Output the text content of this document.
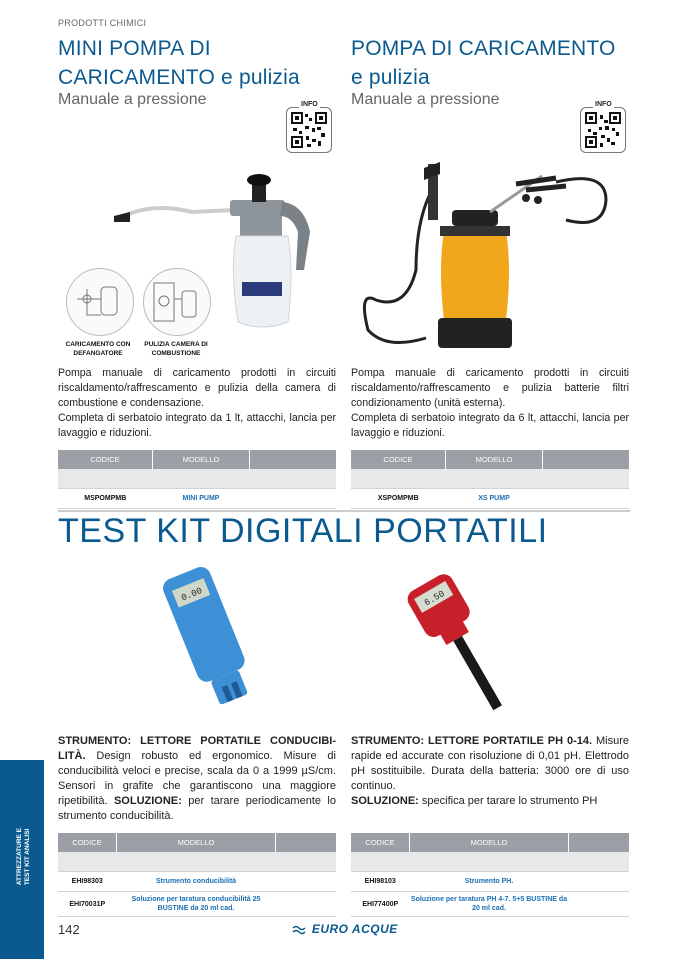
PRODOTTI CHIMICI
MINI POMPA DI
CARICAMENTO e pulizia
Manuale a pressione	INFO
CARICAMENTO CON DEFANGATORE
PULIZIA CAMERA DI COMBUSTIONE
Pompa manuale di caricamento prodotti in circuiti riscaldamento/raffrescamento e pulizia della camera di combustione e condensazione.
Completa di serbatoio integrato da 1 lt, attacchi, lancia per lavaggio e riduzioni.
CODICE	MODELLO	

MSPOMPMB	MINI PUMP	
POMPA DI CARICAMENTO
e pulizia
Manuale a pressione	INFO
Pompa manuale di caricamento prodotti in circuiti riscaldamento/raffrescamento e pulizia batterie filtri condizionamento (unità esterna).
Completa di serbatoio integrato da 6 lt, attacchi, lancia per lavaggio e riduzioni.
CODICE	MODELLO	

XSPOMPMB	XS PUMP	
TEST KIT DIGITALI PORTATILI
0.00	6.50
STRUMENTO: LETTORE PORTATILE CONDUCIBI-LITÀ. Design robusto ed ergonomico. Misure di conducibilità veloci e precise, scala da 0 a 1999 µS/cm. Sensori in grafite che garantiscono una maggiore ripetibilità. SOLUZIONE: per tarare periodicamente lo strumento conducibilità.
STRUMENTO: LETTORE PORTATILE PH 0-14. Misure rapide ed accurate con risoluzione di 0,01 pH. Elettrodo pH sostituibile. Durata della batteria: 3000 ore di uso continuo.
SOLUZIONE: specifica per tarare lo strumento PH
CODICE	MODELLO	

EHI98303	Strumento conducibilità	
EHI70031P	Soluzione per taratura conducibilità 25 BUSTINE da 20 ml cad.	
CODICE	MODELLO	

EHI98103	Strumento PH.	
EHI77400P	Soluzione per taratura PH 4-7. 5+5 BUSTINE da 20 ml cad.	
ATTREZZATURE E
TEST KIT ANALISI
142	EURO ACQUE
